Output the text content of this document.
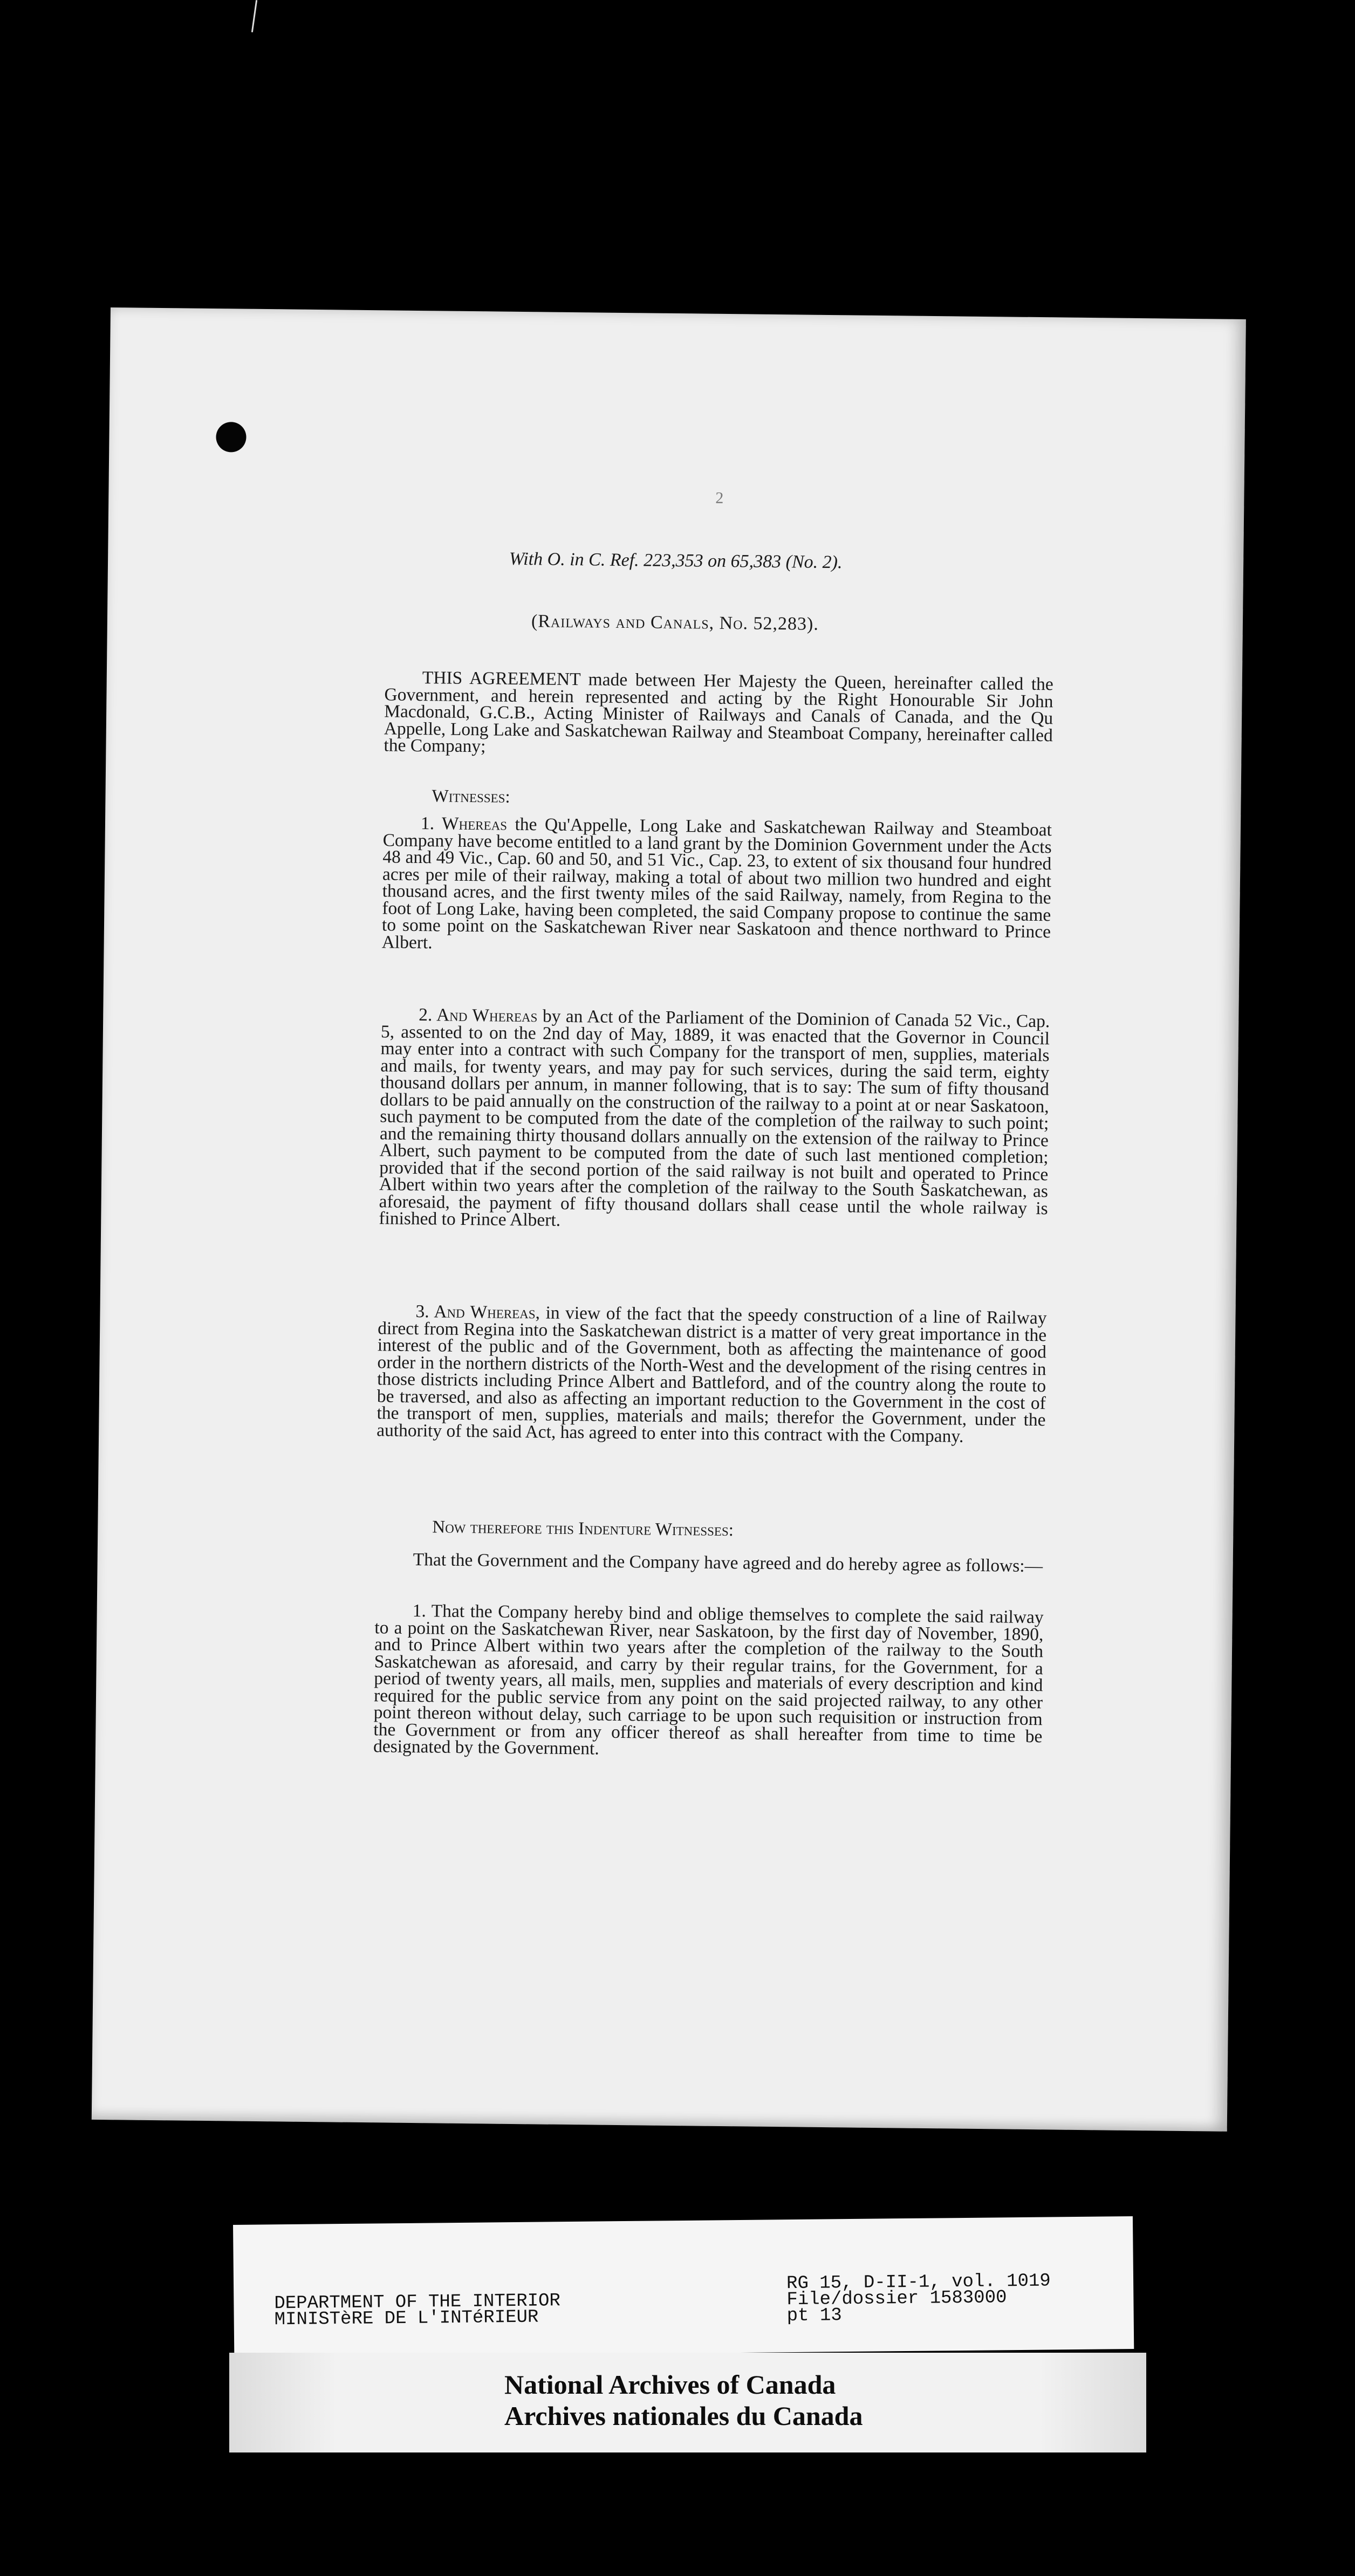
2
With O. in C. Ref. 223,353 on 65,383 (No. 2).
(Railways and Canals, No. 52,283).
THIS AGREEMENT made between Her Majesty the Queen, hereinafter called the Government, and herein represented and acting by the Right Honourable Sir John Macdonald, G.C.B., Acting Minister of Railways and Canals of Canada, and the Qu Appelle, Long Lake and Saskatchewan Railway and Steamboat Company, hereinafter called the Company;
Witnesses:
1. Whereas the Qu'Appelle, Long Lake and Saskatchewan Railway and Steamboat Company have become entitled to a land grant by the Dominion Government under the Acts 48 and 49 Vic., Cap. 60 and 50, and 51 Vic., Cap. 23, to extent of six thousand four hundred acres per mile of their railway, making a total of about two million two hundred and eight thousand acres, and the first twenty miles of the said Railway, namely, from Regina to the foot of Long Lake, having been completed, the said Company propose to continue the same to some point on the Saskatchewan River near Saskatoon and thence northward to Prince Albert.
2. And Whereas by an Act of the Parliament of the Dominion of Canada 52 Vic., Cap. 5, assented to on the 2nd day of May, 1889, it was enacted that the Governor in Council may enter into a contract with such Company for the transport of men, supplies, materials and mails, for twenty years, and may pay for such services, during the said term, eighty thousand dollars per annum, in manner following, that is to say: The sum of fifty thousand dollars to be paid annually on the construction of the railway to a point at or near Saskatoon, such payment to be computed from the date of the completion of the railway to such point; and the remaining thirty thousand dollars annually on the extension of the railway to Prince Albert, such payment to be computed from the date of such last mentioned completion; provided that if the second portion of the said railway is not built and operated to Prince Albert within two years after the completion of the railway to the South Saskatchewan, as aforesaid, the payment of fifty thousand dollars shall cease until the whole railway is finished to Prince Albert.
3. And Whereas, in view of the fact that the speedy construction of a line of Railway direct from Regina into the Saskatchewan district is a matter of very great importance in the interest of the public and of the Government, both as affecting the maintenance of good order in the northern districts of the North-West and the development of the rising centres in those districts including Prince Albert and Battleford, and of the country along the route to be traversed, and also as affecting an important reduction to the Government in the cost of the transport of men, supplies, materials and mails; therefor the Government, under the authority of the said Act, has agreed to enter into this contract with the Company.
Now therefore this Indenture Witnesses:
That the Government and the Company have agreed and do hereby agree as follows:—
1. That the Company hereby bind and oblige themselves to complete the said railway to a point on the Saskatchewan River, near Saskatoon, by the first day of November, 1890, and to Prince Albert within two years after the completion of the railway to the South Saskatchewan as aforesaid, and carry by their regular trains, for the Government, for a period of twenty years, all mails, men, supplies and materials of every description and kind required for the public service from any point on the said projected railway, to any other point thereon without delay, such carriage to be upon such requisition or instruction from the Government or from any officer thereof as shall hereafter from time to time be designated by the Government.
DEPARTMENT OF THE INTERIOR
MINISTèRE DE L'INTéRIEUR
RG 15, D-II-1, vol. 1019
File/dossier 1583000
pt 13
National Archives of Canada
Archives nationales du Canada
